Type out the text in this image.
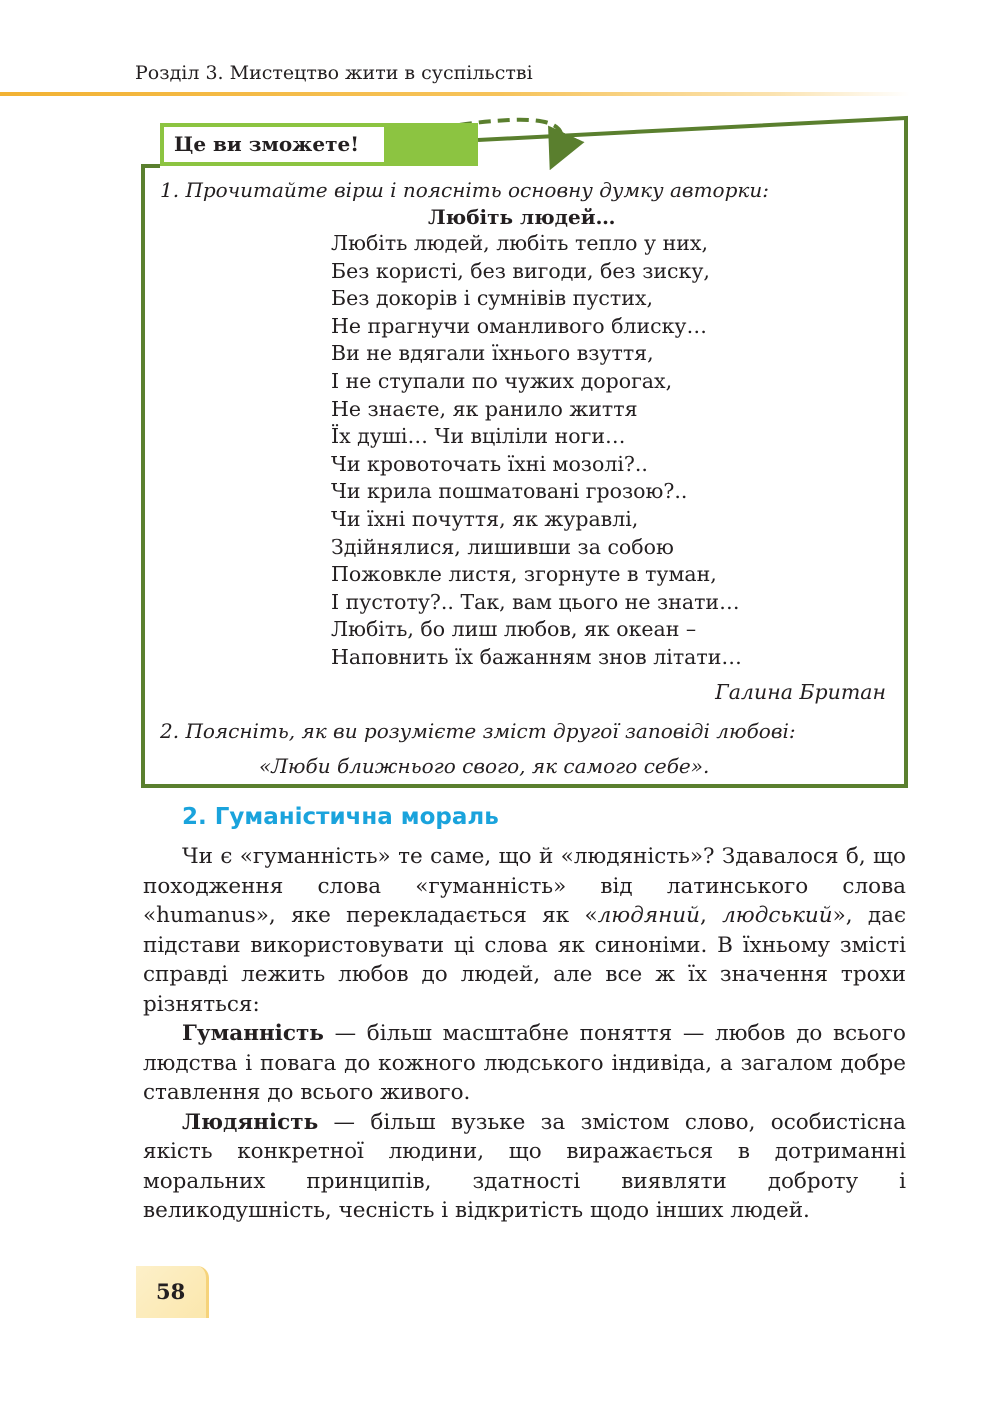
Розділ 3. Мистецтво жити в суспільстві
Це ви зможете!
1. Прочитайте вірш і поясніть основну думку авторки:
Любіть людей…
Любіть людей, любіть тепло у них,
Без користі, без вигоди, без зиску,
Без докорів і сумнівів пустих,
Не прагнучи оманливого блиску…
Ви не вдягали їхнього взуття,
І не ступали по чужих дорогах,
Не знаєте, як ранило життя
Їх душі… Чи вціліли ноги…
Чи кровоточать їхні мозолі?..
Чи крила пошматовані грозою?..
Чи їхні почуття, як журавлі,
Здійнялися, лишивши за собою
Пожовкле листя, згорнуте в туман,
І пустоту?.. Так, вам цього не знати…
Любіть, бо лиш любов, як океан –
Наповнить їх бажанням знов літати…
Галина Британ
2. Поясніть, як ви розумієте зміст другої заповіді любові:
«Люби ближнього свого, як самого себе».
2. Гуманістична мораль

Чи є «гуманність» те саме, що й «людяність»? Здавалося б, що походження слова «гуманність» від латинського слова «humanus», яке перекладається як «людяний, людський», дає підстави використовувати ці слова як синоніми. В їхньому змісті справді лежить любов до людей, але все ж їх значення трохи різняться:

Гуманність — більш масштабне поняття — любов до всього людства і повага до кожного людського індивіда, а загалом добре ставлення до всього живого.

Людяність — більш вузьке за змістом слово, особистісна якість конкретної людини, що виражається в дотриманні моральних принципів, здатності виявляти доброту і великодушність, чесність і відкритість щодо інших людей.

58
